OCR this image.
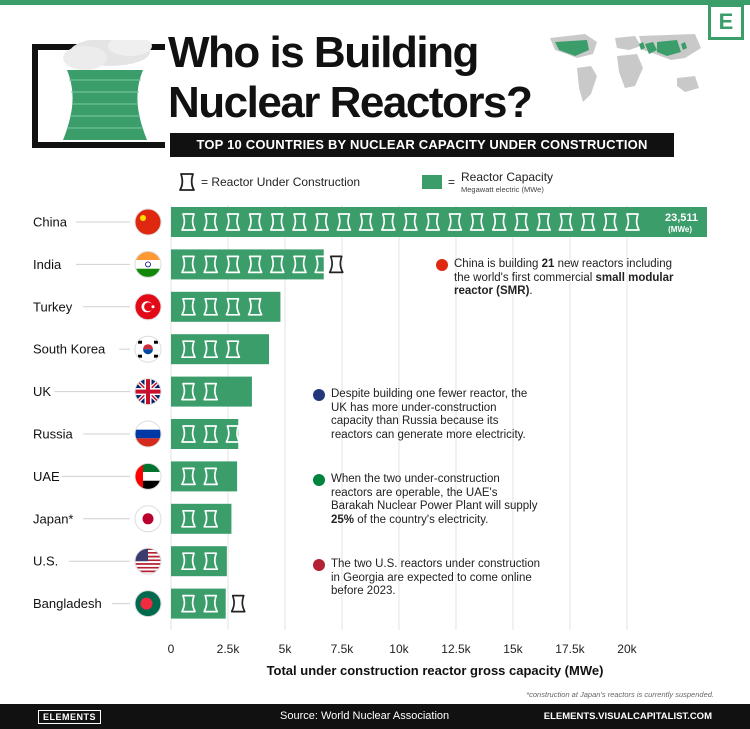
E
Who is Building Nuclear Reactors?
TOP 10 COUNTRIES BY NUCLEAR CAPACITY UNDER CONSTRUCTION
= Reactor Under Construction	= Reactor Capacity
Megawatt electric (MWe)
China
India
Turkey
South Korea
UK
Russia
UAE
Japan*
U.S.
Bangladesh
23,511
(MWe)
0	2.5k	5k	7.5k	10k	12.5k	15k	17.5k	20k
China is building 21 new reactors including the world's first commercial small modular reactor (SMR).
Despite building one fewer reactor, the UK has more under-construction capacity than Russia because its reactors can generate more electricity.
When the two under-construction reactors are operable, the UAE's Barakah Nuclear Power Plant will supply 25% of the country's electricity.
The two U.S. reactors under construction in Georgia are expected to come online before 2023.
Total under construction reactor gross capacity (MWe)
*construction at Japan's reactors is currently suspended.
ELEMENTS	Source: World Nuclear Association	ELEMENTS.VISUALCAPITALIST.COM
